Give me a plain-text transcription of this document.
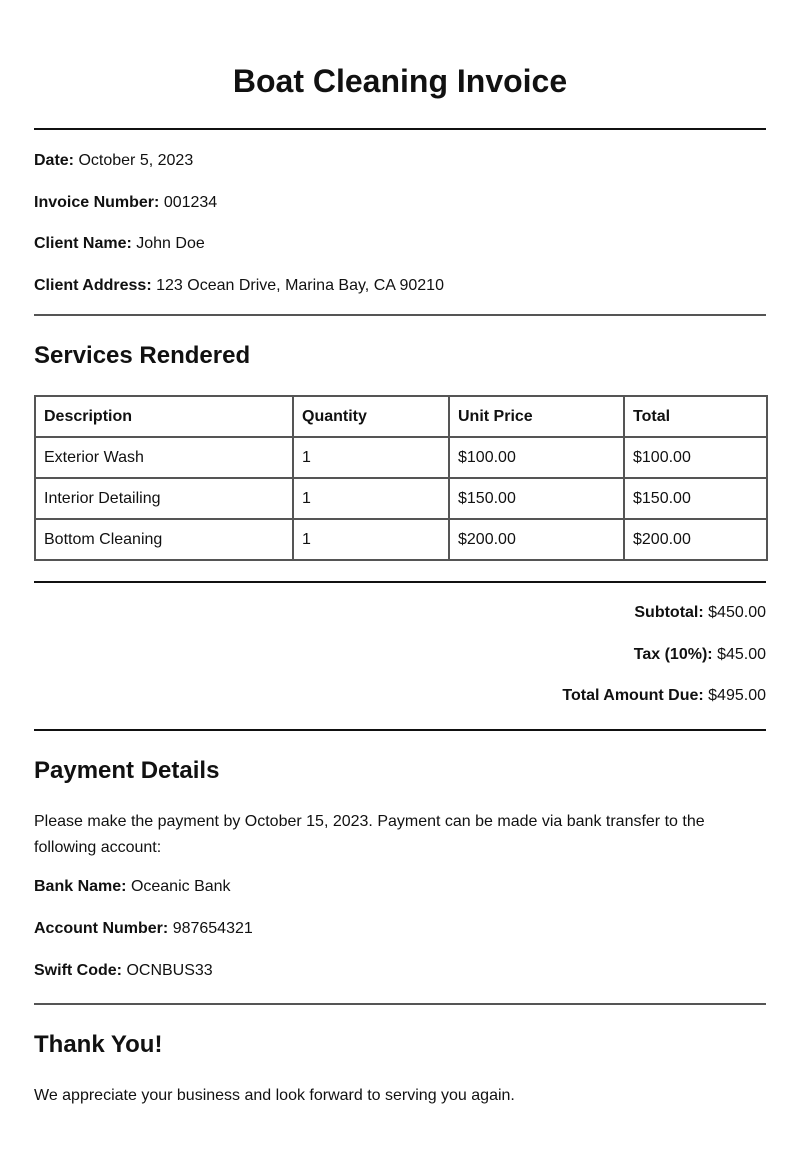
Boat Cleaning Invoice
Date: October 5, 2023
Invoice Number: 001234
Client Name: John Doe
Client Address: 123 Ocean Drive, Marina Bay, CA 90210
Services Rendered
Description	Quantity	Unit Price	Total
Exterior Wash	1	$100.00	$100.00
Interior Detailing	1	$150.00	$150.00
Bottom Cleaning	1	$200.00	$200.00
Subtotal: $450.00
Tax (10%): $45.00
Total Amount Due: $495.00
Payment Details

Please make the payment by October 15, 2023. Payment can be made via bank transfer to the following account:

Bank Name: Oceanic Bank
Account Number: 987654321
Swift Code: OCNBUS33
Thank You!

We appreciate your business and look forward to serving you again.
